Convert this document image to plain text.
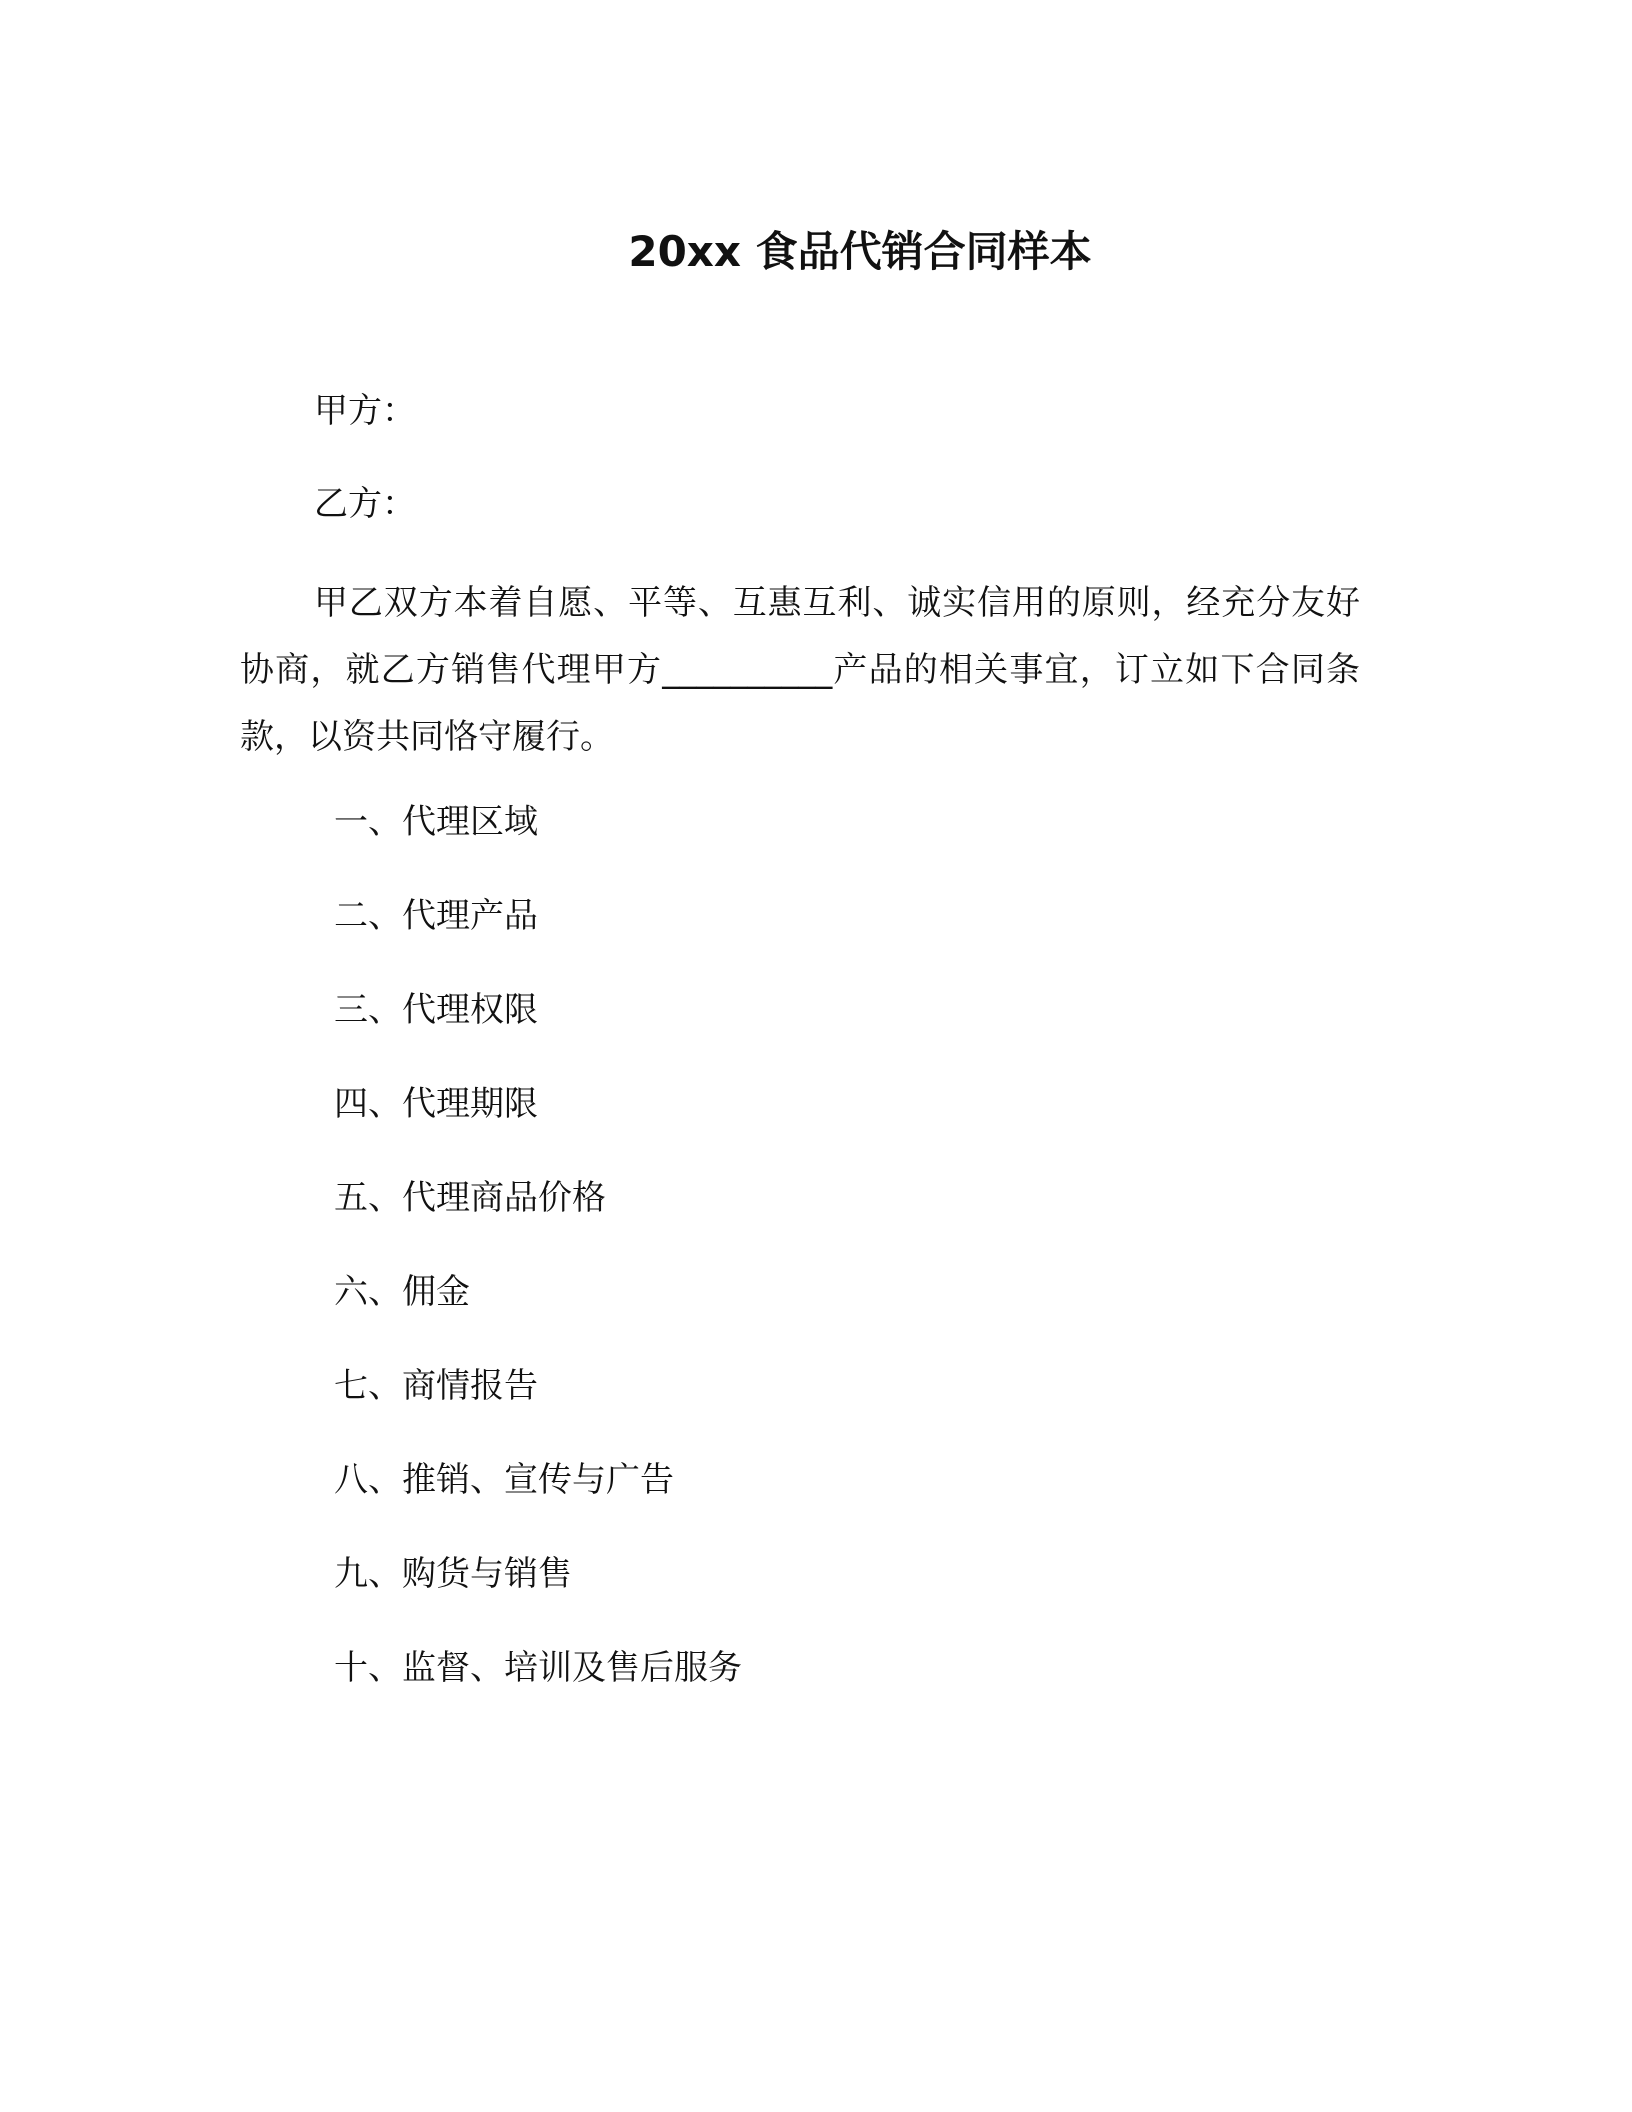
20xx 食品代销合同样本
甲方：
乙方：

甲乙双方本着自愿、平等、互惠互利、诚实信用的原则，经充分友好协商，就乙方销售代理甲方__________产品的相关事宜，订立如下合同条款，以资共同恪守履行。

一、代理区域
二、代理产品
三、代理权限
四、代理期限
五、代理商品价格
六、佣金
七、商情报告
八、推销、宣传与广告
九、购货与销售
十、监督、培训及售后服务
